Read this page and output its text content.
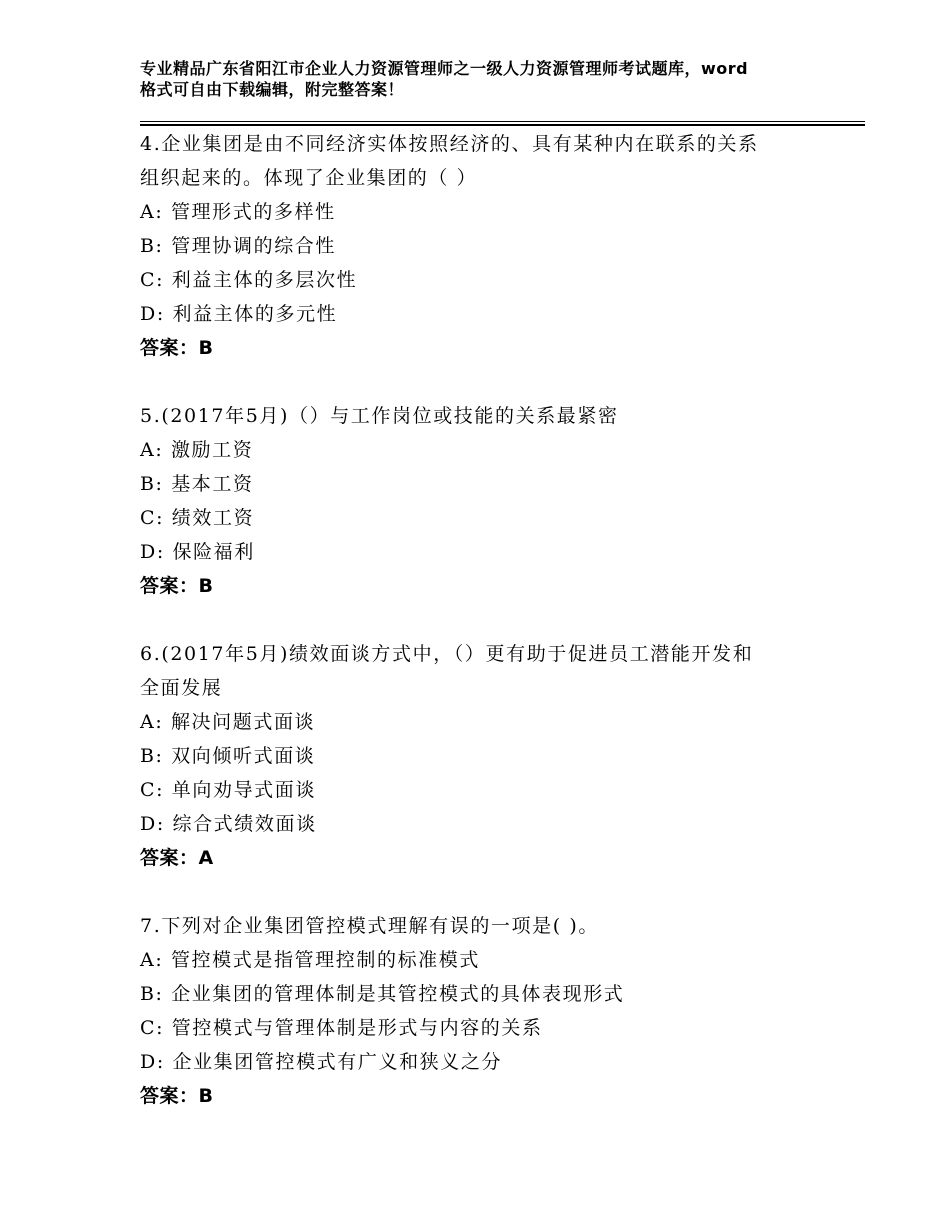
专业精品广东省阳江市企业人力资源管理师之一级人力资源管理师考试题库，word
格式可自由下载编辑，附完整答案！
4.企业集团是由不同经济实体按照经济的、具有某种内在联系的关系
组织起来的。体现了企业集团的（ ）
A: 管理形式的多样性
B: 管理协调的综合性
C: 利益主体的多层次性
D: 利益主体的多元性
答案：B
5.(2017年5月)（）与工作岗位或技能的关系最紧密
A: 激励工资
B: 基本工资
C: 绩效工资
D: 保险福利
答案：B
6.(2017年5月)绩效面谈方式中，（）更有助于促进员工潜能开发和
全面发展
A: 解决问题式面谈
B: 双向倾听式面谈
C: 单向劝导式面谈
D: 综合式绩效面谈
答案：A
7.下列对企业集团管控模式理解有误的一项是( )。
A: 管控模式是指管理控制的标准模式
B: 企业集团的管理体制是其管控模式的具体表现形式
C: 管控模式与管理体制是形式与内容的关系
D: 企业集团管控模式有广义和狭义之分
答案：B
